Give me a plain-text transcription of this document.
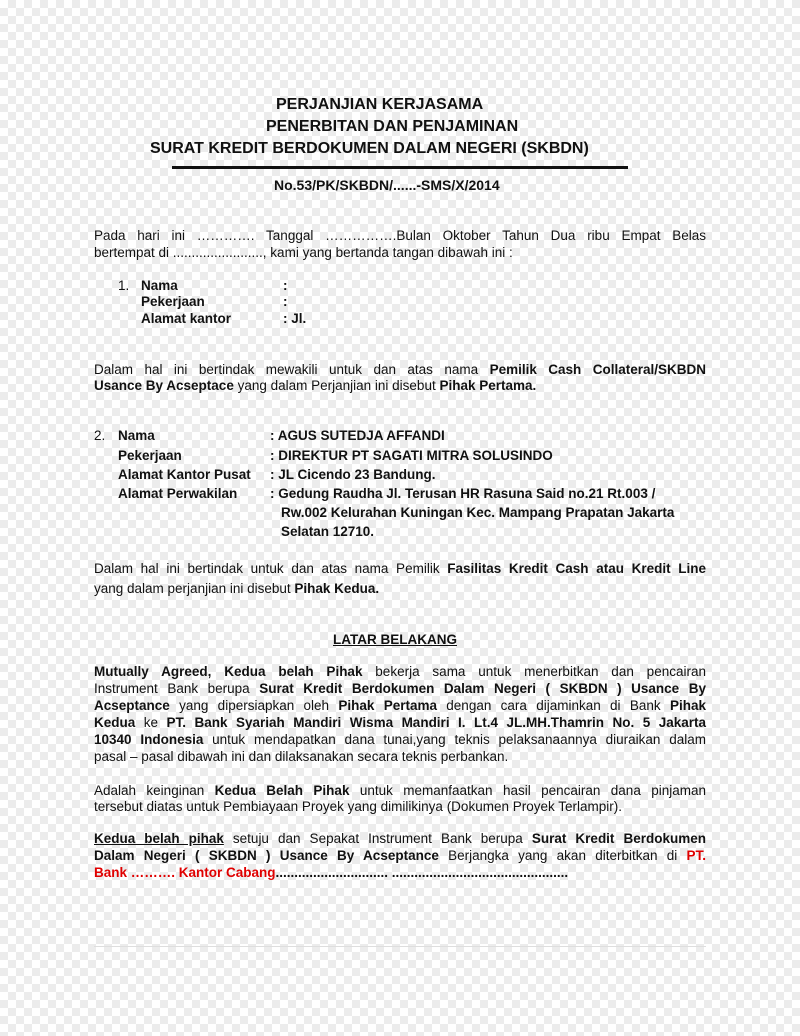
PERJANJIAN KERJASAMA
PENERBITAN DAN PENJAMINAN
SURAT KREDIT BERDOKUMEN DALAM NEGERI (SKBDN)
No.53/PK/SKBDN/......-SMS/X/2014
Pada hari ini …………. Tanggal …………….Bulan Oktober Tahun Dua ribu Empat Belas
bertempat di ........................, kami yang bertanda tangan dibawah ini :
1. Nama
Pekerjaan
Alamat kantor
:
:
: Jl.
Dalam hal ini bertindak mewakili untuk dan atas nama Pemilik Cash Collateral/SKBDN
Usance By Acseptace yang dalam Perjanjian ini disebut Pihak Pertama.
2. Nama
Pekerjaan
Alamat Kantor Pusat
Alamat Perwakilan
: AGUS SUTEDJA AFFANDI
: DIREKTUR PT SAGATI MITRA SOLUSINDO
: JL Cicendo 23 Bandung.
: Gedung Raudha Jl. Terusan HR Rasuna Said no.21 Rt.003 /
Rw.002 Kelurahan Kuningan Kec. Mampang Prapatan Jakarta
Selatan 12710.
Dalam hal ini bertindak untuk dan atas nama Pemilik Fasilitas Kredit Cash atau Kredit Line
yang dalam perjanjian ini disebut Pihak Kedua.
LATAR BELAKANG
Mutually Agreed, Kedua belah Pihak bekerja sama untuk menerbitkan dan pencairan
Instrument Bank berupa Surat Kredit Berdokumen Dalam Negeri ( SKBDN ) Usance By
Acseptance yang dipersiapkan oleh Pihak Pertama dengan cara dijaminkan di Bank Pihak
Kedua ke PT. Bank Syariah Mandiri Wisma Mandiri I. Lt.4 JL.MH.Thamrin No. 5 Jakarta
10340 Indonesia untuk mendapatkan dana tunai,yang teknis pelaksanaannya diuraikan dalam
pasal – pasal dibawah ini dan dilaksanakan secara teknis perbankan.
Adalah keinginan Kedua Belah Pihak untuk memanfaatkan hasil pencairan dana pinjaman
tersebut diatas untuk Pembiayaan Proyek yang dimilikinya (Dokumen Proyek Terlampir).
Kedua belah pihak setuju dan Sepakat Instrument Bank berupa Surat Kredit Berdokumen
Dalam Negeri ( SKBDN ) Usance By Acseptance Berjangka yang akan diterbitkan di PT.
Bank ………. Kantor Cabang.............................. ...............................................
